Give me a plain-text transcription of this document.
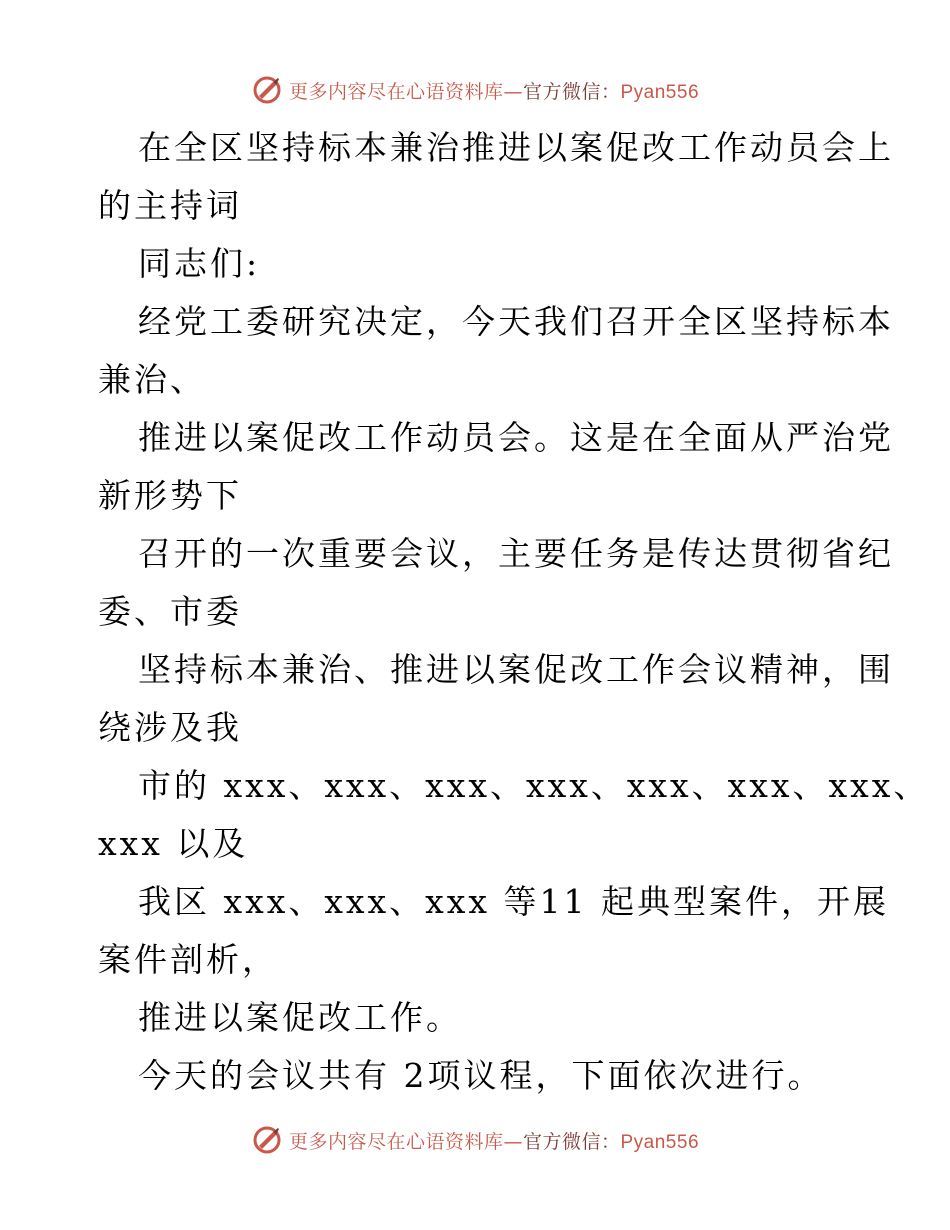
更多内容尽在心语资料库—官方微信：Pyan556
在全区坚持标本兼治推进以案促改工作动员会上
的主持词
同志们:
经党工委研究决定，今天我们召开全区坚持标本
兼治、
推进以案促改工作动员会。这是在全面从严治党
新形势下
召开的一次重要会议，主要任务是传达贯彻省纪
委、市委
坚持标本兼治、推进以案促改工作会议精神，围
绕涉及我
市的 xxx、xxx、xxx、xxx、xxx、xxx、xxx、
xxx 以及
我区 xxx、xxx、xxx 等11 起典型案件，开展
案件剖析，
推进以案促改工作。
今天的会议共有 2项议程，下面依次进行。
更多内容尽在心语资料库—官方微信：Pyan556
